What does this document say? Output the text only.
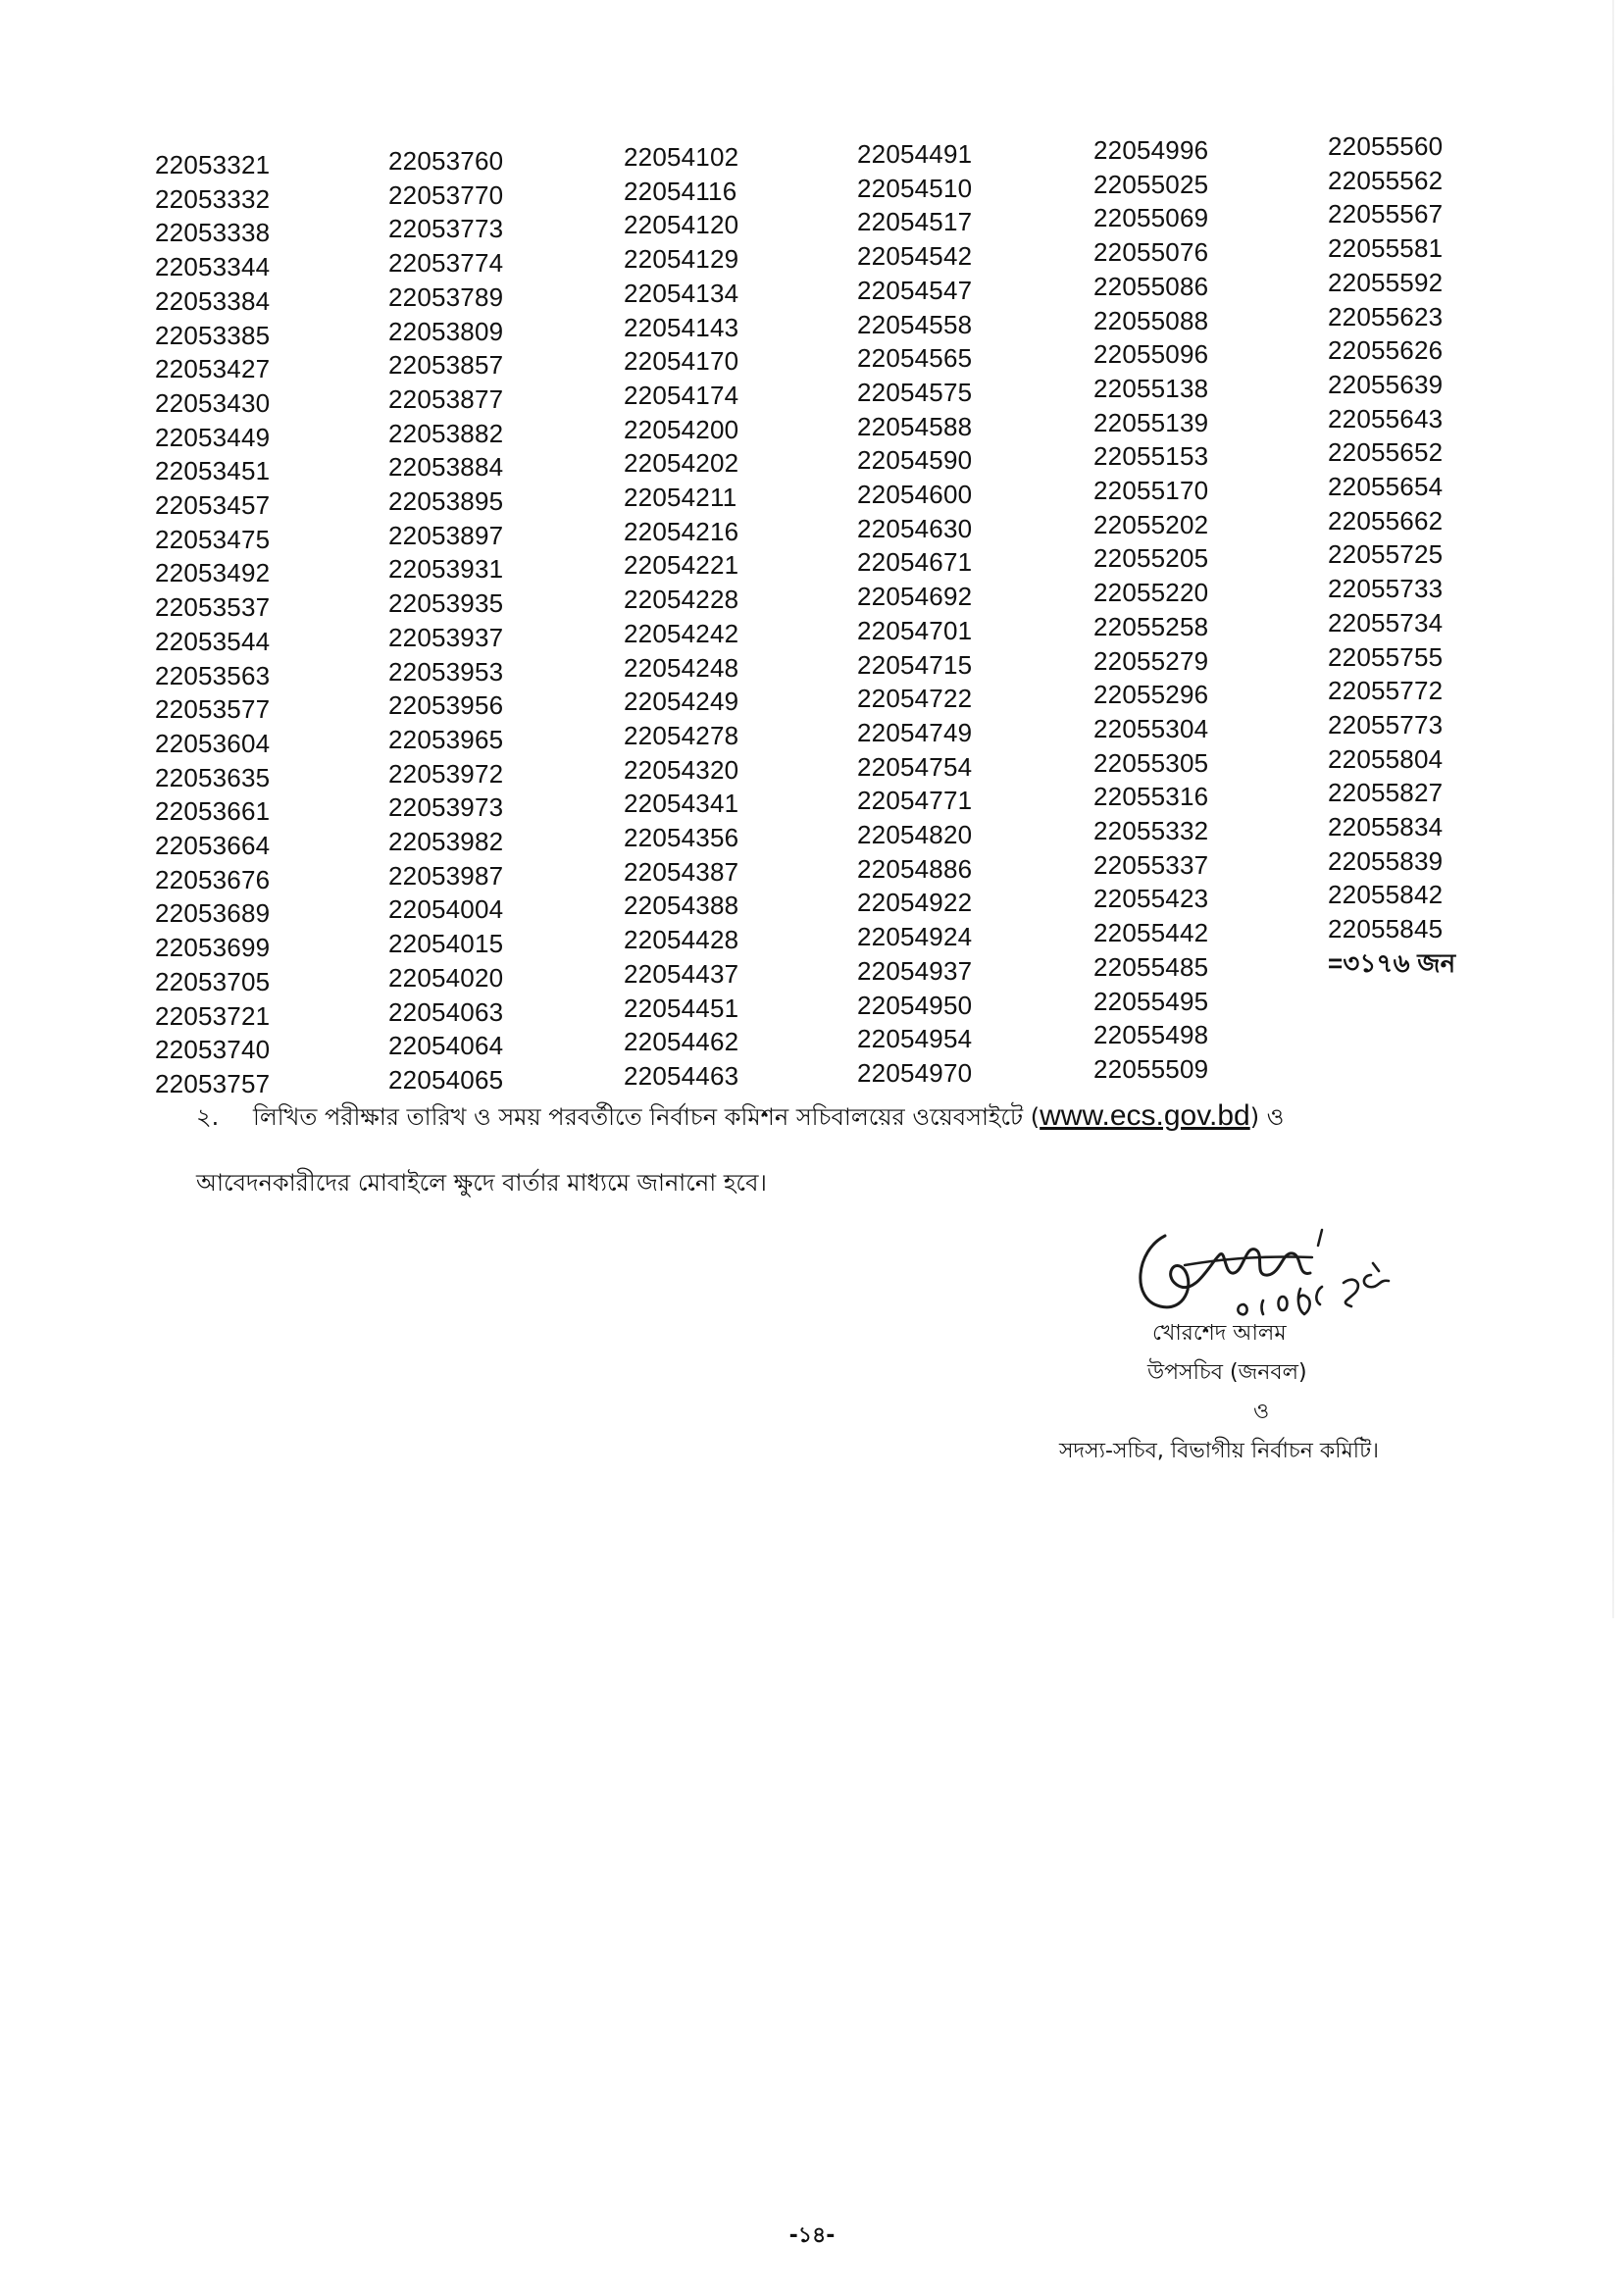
22053321
22053332
22053338
22053344
22053384
22053385
22053427
22053430
22053449
22053451
22053457
22053475
22053492
22053537
22053544
22053563
22053577
22053604
22053635
22053661
22053664
22053676
22053689
22053699
22053705
22053721
22053740
22053757
22053760
22053770
22053773
22053774
22053789
22053809
22053857
22053877
22053882
22053884
22053895
22053897
22053931
22053935
22053937
22053953
22053956
22053965
22053972
22053973
22053982
22053987
22054004
22054015
22054020
22054063
22054064
22054065
22054102
22054116
22054120
22054129
22054134
22054143
22054170
22054174
22054200
22054202
22054211
22054216
22054221
22054228
22054242
22054248
22054249
22054278
22054320
22054341
22054356
22054387
22054388
22054428
22054437
22054451
22054462
22054463
22054491
22054510
22054517
22054542
22054547
22054558
22054565
22054575
22054588
22054590
22054600
22054630
22054671
22054692
22054701
22054715
22054722
22054749
22054754
22054771
22054820
22054886
22054922
22054924
22054937
22054950
22054954
22054970
22054996
22055025
22055069
22055076
22055086
22055088
22055096
22055138
22055139
22055153
22055170
22055202
22055205
22055220
22055258
22055279
22055296
22055304
22055305
22055316
22055332
22055337
22055423
22055442
22055485
22055495
22055498
22055509
22055560
22055562
22055567
22055581
22055592
22055623
22055626
22055639
22055643
22055652
22055654
22055662
22055725
22055733
22055734
22055755
22055772
22055773
22055804
22055827
22055834
22055839
22055842
22055845
=৩১৭৬ জন
২. লিখিত পরীক্ষার তারিখ ও সময় পরবর্তীতে নির্বাচন কমিশন সচিবালয়ের ওয়েবসাইটে (www.ecs.gov.bd) ও
আবেদনকারীদের মোবাইলে ক্ষুদে বার্তার মাধ্যমে জানানো হবে।
খোরশেদ আলম
উপসচিব (জনবল)
ও
সদস্য-সচিব, বিভাগীয় নির্বাচন কমিটি।
-১৪-
